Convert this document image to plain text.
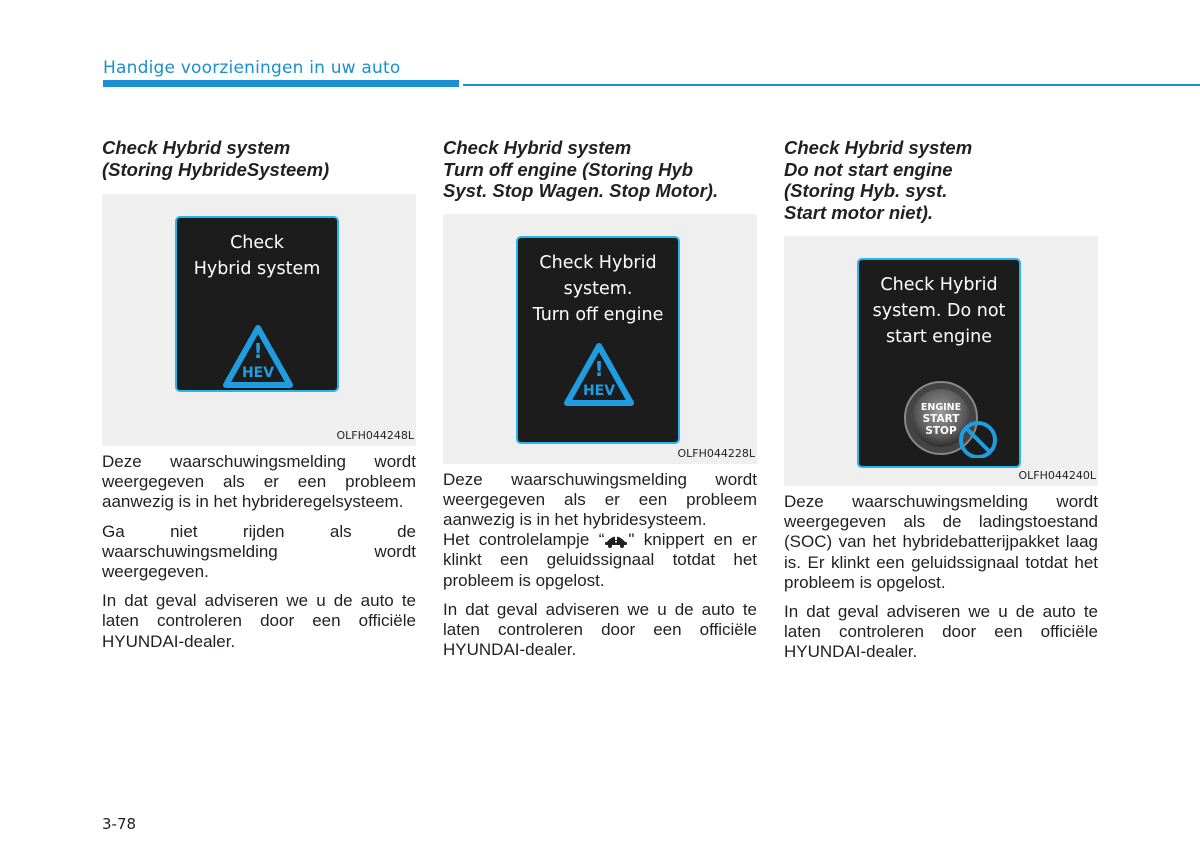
Handige voorzieningen in uw auto
Check Hybrid system
(Storing HybrideSysteem)
Check
Hybrid system
!
HEV
OLFH044248L

Deze waarschuwingsmelding wordt weergegeven als er een probleem aanwezig is in het hybrideregelsysteem.

Ga niet rijden als de waarschuwingsmelding wordt weergegeven.

In dat geval adviseren we u de auto te laten controleren door een officiële HYUNDAI-dealer.

Check Hybrid system
Turn off engine (Storing Hyb
Syst. Stop Wagen. Stop Motor).
Check Hybrid
system.
Turn off engine
!
HEV
OLFH044228L

Deze waarschuwingsmelding wordt weergegeven als er een probleem aanwezig is in het hybridesysteem.

Het controlelampje “ " knippert en er klinkt een geluidssignaal totdat het probleem is opgelost.

In dat geval adviseren we u de auto te laten controleren door een officiële HYUNDAI-dealer.

Check Hybrid system
Do not start engine
(Storing Hyb. syst.
Start motor niet).
Check Hybrid
system. Do not
start engine
ENGINE
START
STOP
OLFH044240L

Deze waarschuwingsmelding wordt weergegeven als de ladingstoestand (SOC) van het hybridebatterijpakket laag is. Er klinkt een geluidssignaal totdat het probleem is opgelost.

In dat geval adviseren we u de auto te laten controleren door een officiële HYUNDAI-dealer.

3-78
